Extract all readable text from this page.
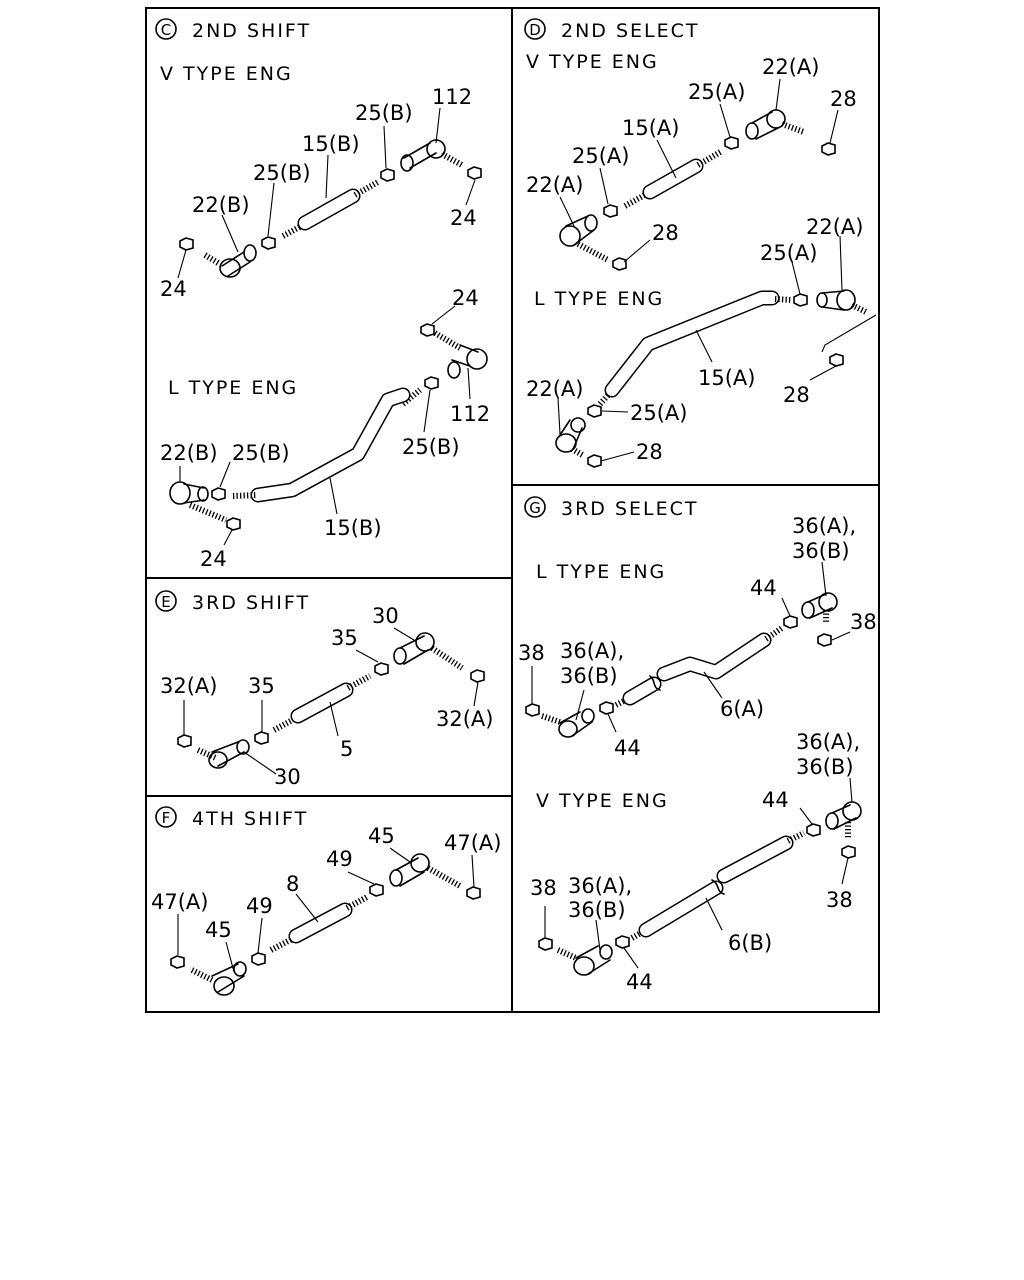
C 2ND SHIFT
V TYPE ENG
112
25(B)
15(B)
25(B)
22(B)
24
24
L TYPE ENG
24
112
25(B)
22(B) 25(B)
15(B)
24
D 2ND SELECT
V TYPE ENG	22(A)
25(A)	28
15(A)
25(A)
22(A)
28
L TYPE ENG
22(A)
25(A)
15(A)
28
22(A)
25(A)
28
E 3RD SHIFT
30
35
32(A) 35
32(A)
5
30
F 4TH SHIFT
45 47(A)
49
8
47(A)
45
49
G 3RD SELECT
L TYPE ENG
36(A),
36(B)
44
38
38 36(A),
36(B)
6(A)
44
V TYPE ENG
36(A),
36(B)
44
38
38 36(A),
36(B)
6(B)
44
